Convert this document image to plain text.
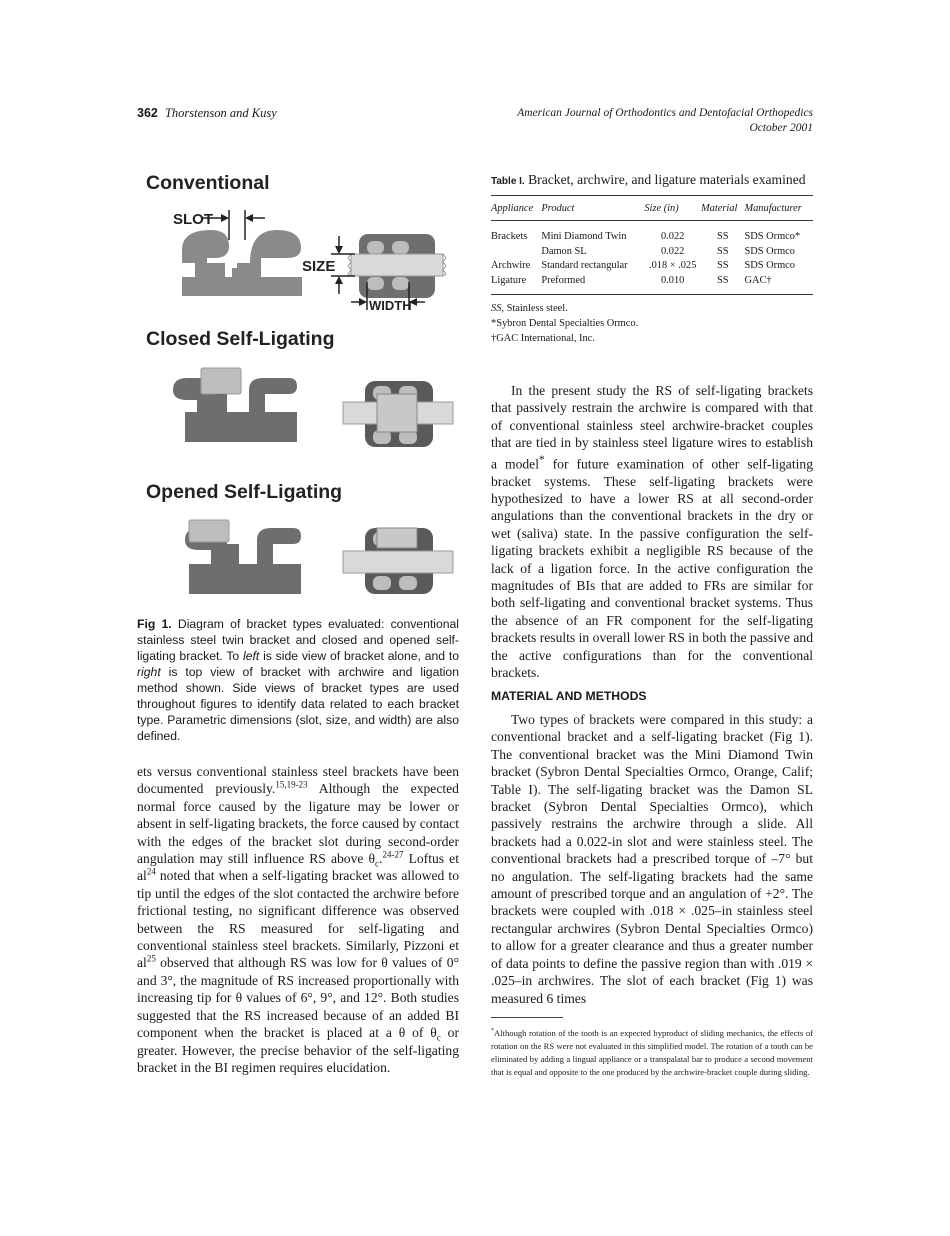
362 Thorstenson and Kusy	American Journal of Orthodontics and Dentofacial Orthopedics
October 2001
SLOT
SIZE
WIDTH
Conventional
Closed Self-Ligating
Opened Self-Ligating
Fig 1. Diagram of bracket types evaluated: conventional stainless steel twin bracket and closed and opened self-ligating bracket. To left is side view of bracket alone, and to right is top view of bracket with archwire and ligation method shown. Side views of bracket types are used throughout figures to identify data related to each bracket type. Parametric dimensions (slot, size, and width) are also defined.
ets versus conventional stainless steel brackets have been documented previously.$^{15,19-23}$ Although the expected normal force caused by the ligature may be lower or absent in self-ligating brackets, the force caused by contact with the edges of the bracket slot during second-order angulation may still influence RS above $\theta_c.^{24-27}$ Loftus et $al^{24}$ noted that when a self-ligating bracket was allowed to tip until the edges of the slot contacted the archwire before frictional testing, no significant difference was observed between the RS measured for self-ligating and conventional stainless steel brackets. Similarly, Pizzoni et $al^{25}$ observed that although RS was low for θ values of 0° and 3°, the magnitude of RS increased proportionally with increasing tip for θ values of 6°, 9°, and 12°. Both studies suggested that the RS increased because of an added BI component when the bracket is placed at a θ of $\theta_c$ or greater. However, the precise behavior of the self-ligating bracket in the BI regimen requires elucidation.
Table I. Bracket, archwire, and ligature materials examined
Appliance	Product	Size (in)	Material	Manufacturer
Brackets	Mini Diamond Twin	0.022	SS	SDS Ormco*
	Damon SL	0.022	SS	SDS Ormco
Archwire	Standard rectangular	.018 × .025	SS	SDS Ormco
Ligature	Preformed	0.010	SS	GAC†
SS, Stainless steel.
*Sybron Dental Specialties Ormco.
†GAC International, Inc.

In the present study the RS of self-ligating brackets that passively restrain the archwire is compared with that of conventional stainless steel archwire-bracket couples that are tied in by stainless steel ligature wires to establish a model* for future examination of other self-ligating bracket systems. These self-ligating brackets were hypothesized to have a lower RS at all second-order angulations than the conventional brackets in the dry or wet (saliva) state. In the passive configuration the self-ligating brackets exhibit a negligible RS because of the lack of a ligation force. In the active configuration the magnitudes of BIs that are added to FRs are similar for both self-ligating and conventional bracket systems. Thus the absence of an FR component for the self-ligating brackets results in overall lower RS in both the passive and the active configurations than for the conventional brackets.

MATERIAL AND METHODS

Two types of brackets were compared in this study: a conventional bracket and a self-ligating bracket (Fig 1). The conventional bracket was the Mini Diamond Twin bracket (Sybron Dental Specialties Ormco, Orange, Calif; Table I). The self-ligating bracket was the Damon SL bracket (Sybron Dental Specialties Ormco), which passively restrains the archwire through a slide. All brackets had a 0.022-in slot and were stainless steel. The conventional brackets had a prescribed torque of –7° but no angulation. The self-ligating brackets had the same amount of prescribed torque and an angulation of +2°. The brackets were coupled with .018 × .025–in stainless steel rectangular archwires (Sybron Dental Specialties Ormco) to allow for a greater clearance and thus a greater number of data points to define the passive region than with .019 × .025–in archwires. The slot of each bracket (Fig 1) was measured 6 times

*Although rotation of the tooth is an expected byproduct of sliding mechanics, the effects of rotation on the RS were not evaluated in this simplified model. The rotation of a tooth can be eliminated by adding a lingual appliance or a transpalatal bar to produce a second movement that is equal and opposite to the one produced by the archwire-bracket couple during sliding.
